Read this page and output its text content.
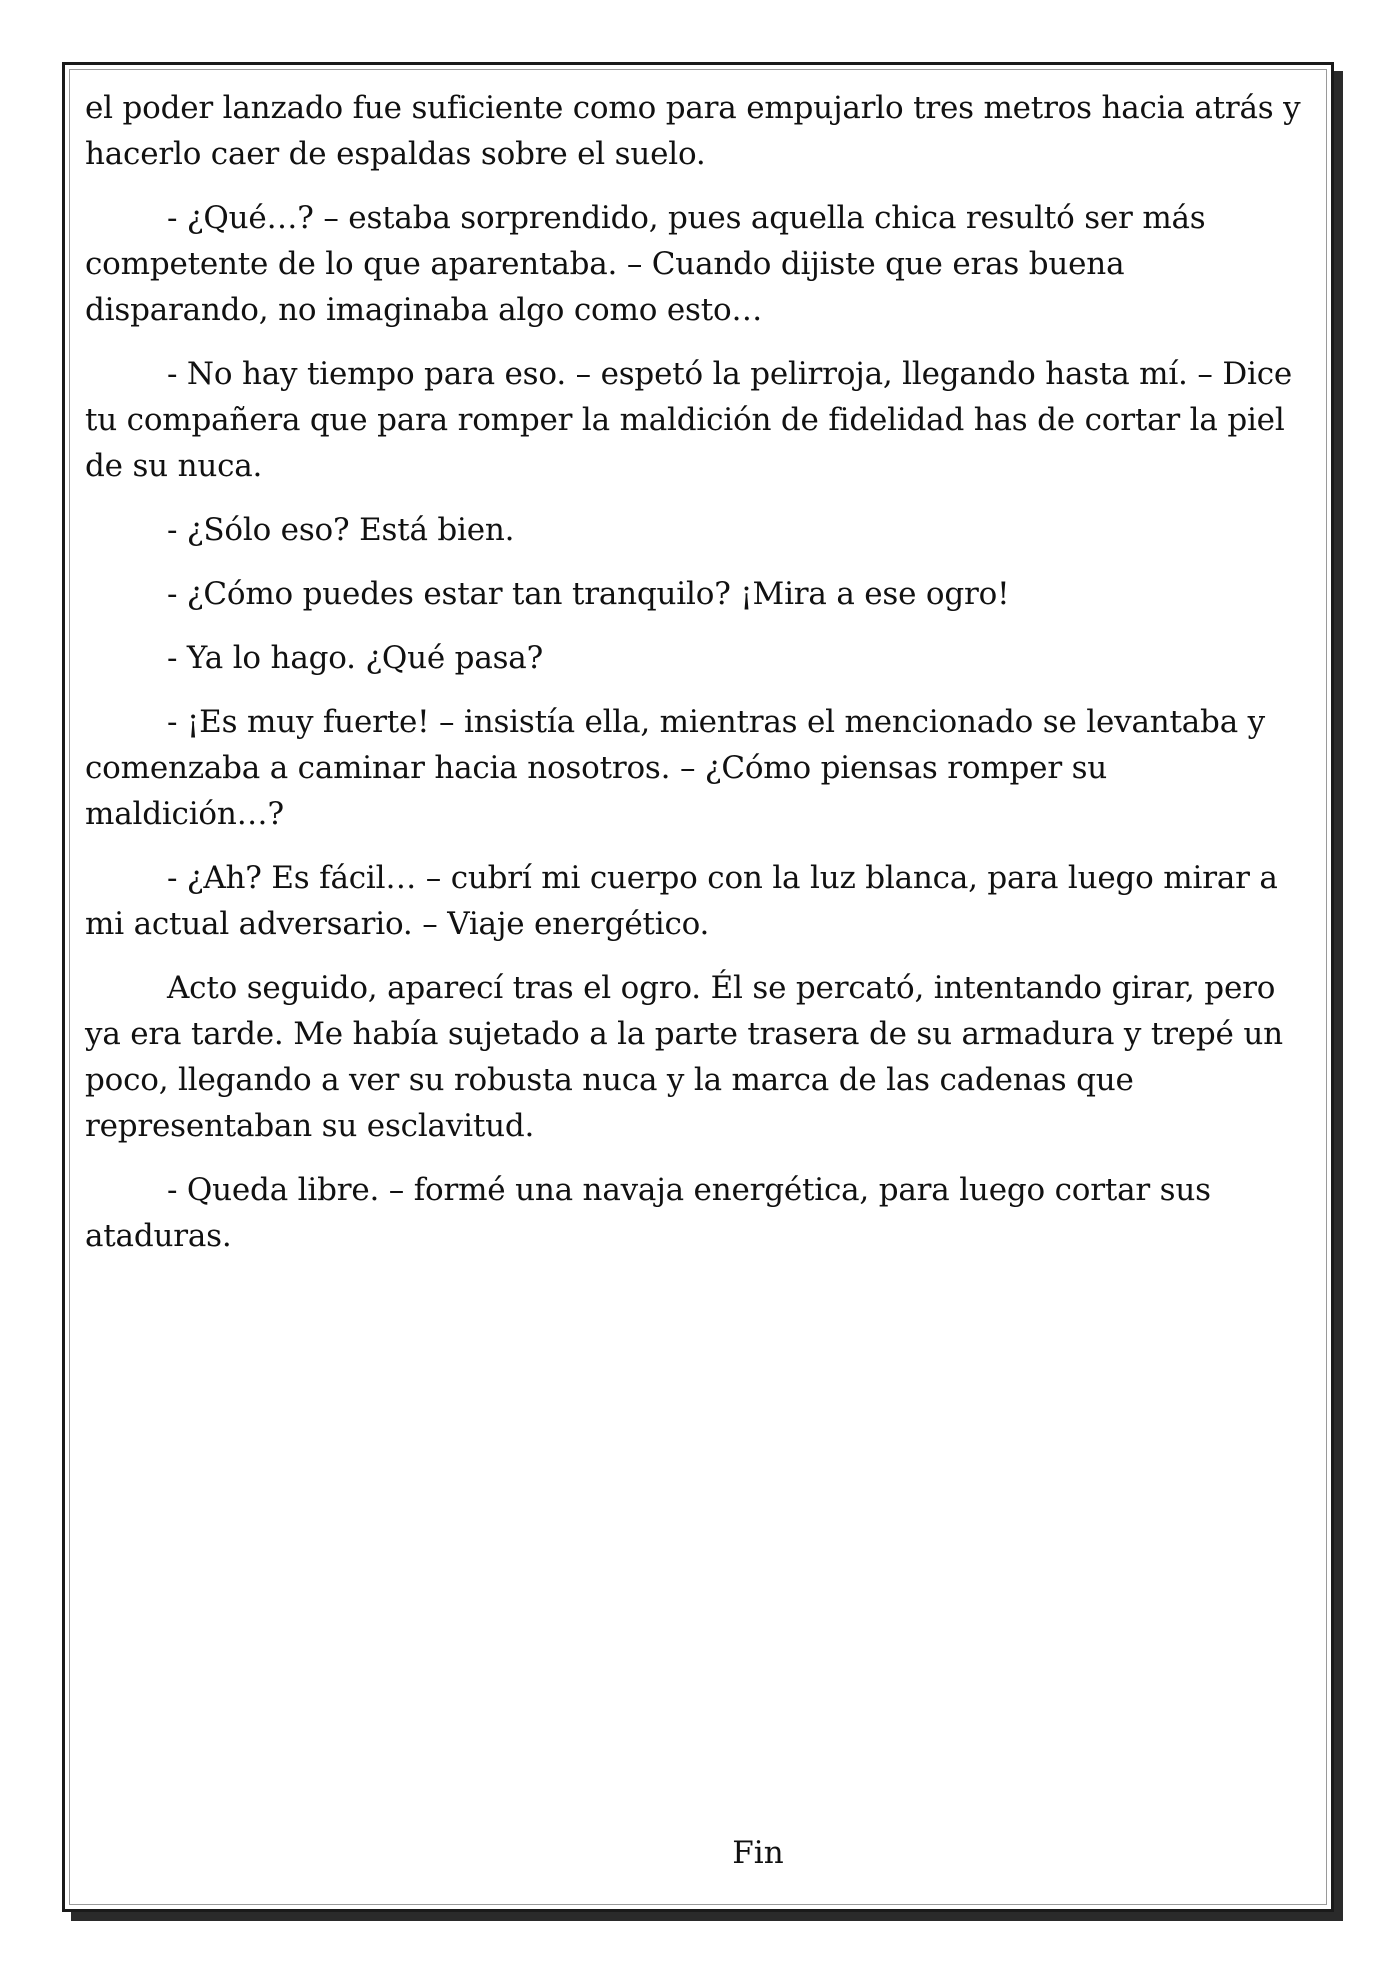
el poder lanzado fue suficiente como para empujarlo tres metros hacia atrás y hacerlo caer de espaldas sobre el suelo.

- ¿Qué…? – estaba sorprendido, pues aquella chica resultó ser más competente de lo que aparentaba. – Cuando dijiste que eras buena disparando, no imaginaba algo como esto…

- No hay tiempo para eso. – espetó la pelirroja, llegando hasta mí. – Dice tu compañera que para romper la maldición de fidelidad has de cortar la piel de su nuca.

- ¿Sólo eso? Está bien.

- ¿Cómo puedes estar tan tranquilo? ¡Mira a ese ogro!

- Ya lo hago. ¿Qué pasa?

- ¡Es muy fuerte! – insistía ella, mientras el mencionado se levantaba y comenzaba a caminar hacia nosotros. – ¿Cómo piensas romper su maldición…?

- ¿Ah? Es fácil… – cubrí mi cuerpo con la luz blanca, para luego mirar a mi actual adversario. – Viaje energético.

Acto seguido, aparecí tras el ogro. Él se percató, intentando girar, pero ya era tarde. Me había sujetado a la parte trasera de su armadura y trepé un poco, llegando a ver su robusta nuca y la marca de las cadenas que representaban su esclavitud.

- Queda libre. – formé una navaja energética, para luego cortar sus ataduras.

Fin
